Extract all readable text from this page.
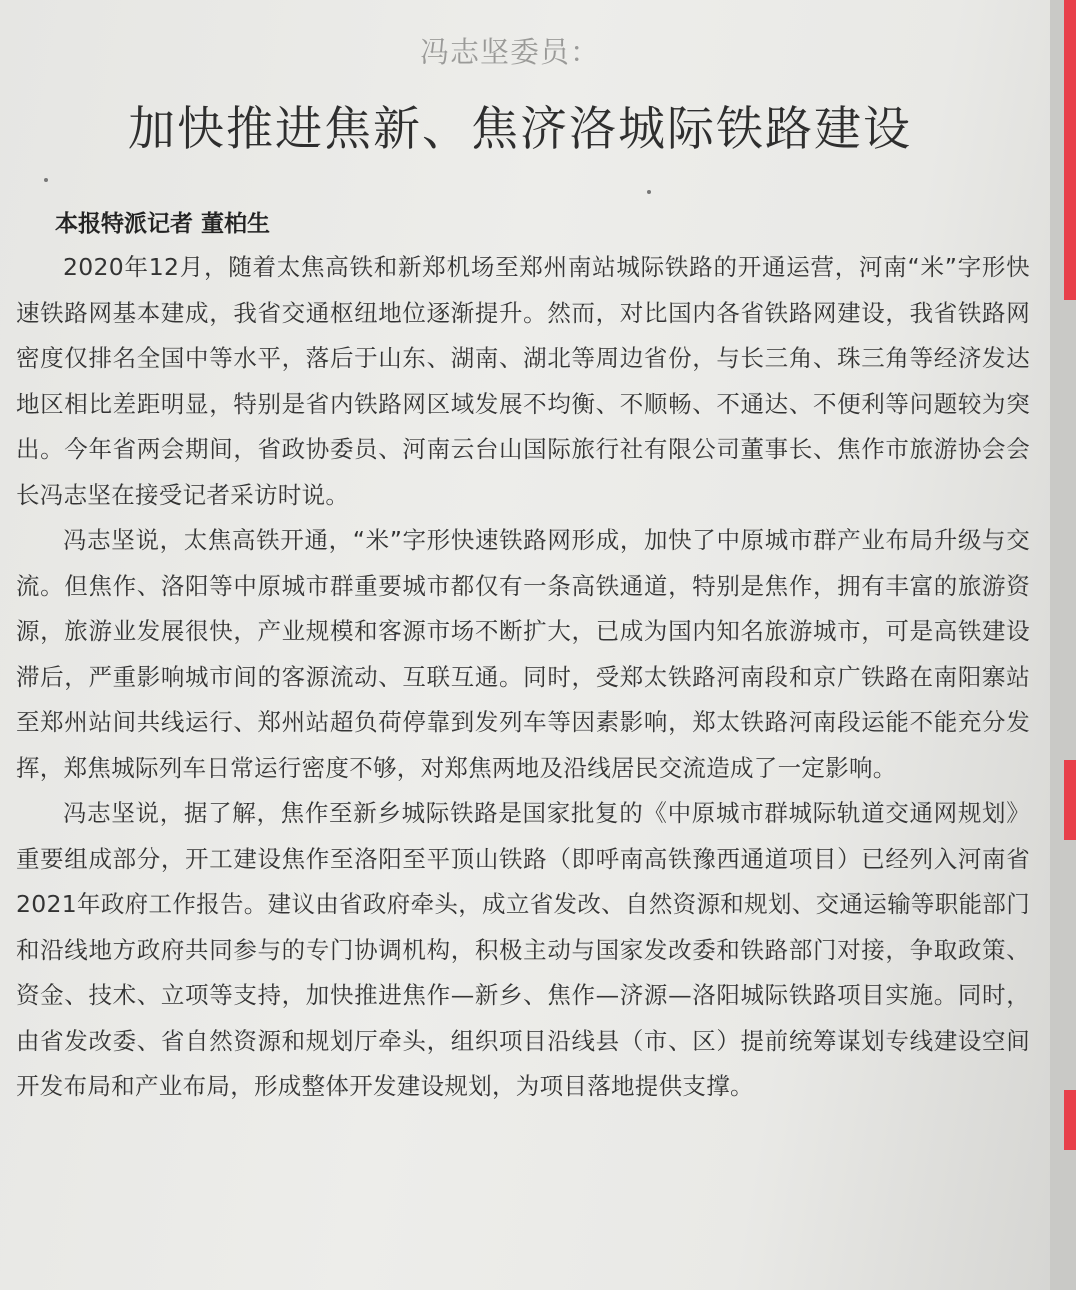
冯志坚委员：
加快推进焦新、焦济洛城际铁路建设
本报特派记者 董柏生

2020年12月，随着太焦高铁和新郑机场至郑州南站城际铁路的开通运营，河南“米”字形快速铁路网基本建成，我省交通枢纽地位逐渐提升。然而，对比国内各省铁路网建设，我省铁路网密度仅排名全国中等水平，落后于山东、湖南、湖北等周边省份，与长三角、珠三角等经济发达地区相比差距明显，特别是省内铁路网区域发展不均衡、不顺畅、不通达、不便利等问题较为突出。今年省两会期间，省政协委员、河南云台山国际旅行社有限公司董事长、焦作市旅游协会会长冯志坚在接受记者采访时说。

冯志坚说，太焦高铁开通，“米”字形快速铁路网形成，加快了中原城市群产业布局升级与交流。但焦作、洛阳等中原城市群重要城市都仅有一条高铁通道，特别是焦作，拥有丰富的旅游资源，旅游业发展很快，产业规模和客源市场不断扩大，已成为国内知名旅游城市，可是高铁建设滞后，严重影响城市间的客源流动、互联互通。同时，受郑太铁路河南段和京广铁路在南阳寨站至郑州站间共线运行、郑州站超负荷停靠到发列车等因素影响，郑太铁路河南段运能不能充分发挥，郑焦城际列车日常运行密度不够，对郑焦两地及沿线居民交流造成了一定影响。

冯志坚说，据了解，焦作至新乡城际铁路是国家批复的《中原城市群城际轨道交通网规划》重要组成部分，开工建设焦作至洛阳至平顶山铁路（即呼南高铁豫西通道项目）已经列入河南省2021年政府工作报告。建议由省政府牵头，成立省发改、自然资源和规划、交通运输等职能部门和沿线地方政府共同参与的专门协调机构，积极主动与国家发改委和铁路部门对接，争取政策、资金、技术、立项等支持，加快推进焦作—新乡、焦作—济源—洛阳城际铁路项目实施。同时，由省发改委、省自然资源和规划厅牵头，组织项目沿线县（市、区）提前统筹谋划专线建设空间开发布局和产业布局，形成整体开发建设规划，为项目落地提供支撑。
